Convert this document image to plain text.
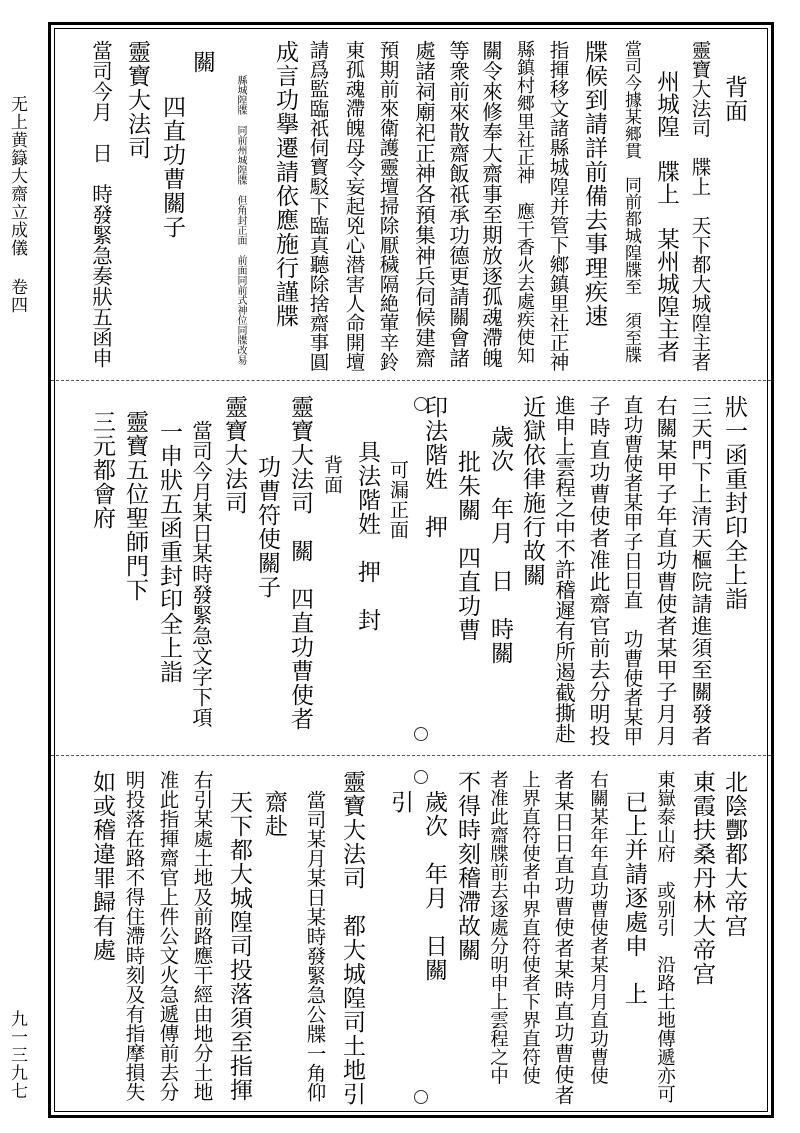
无上黄籙大齋立成儀 卷四
九一三九七
背面
靈寶大法司　牒上　天下都大城隍主者
州城隍　牒上　某州城隍主者
當司今據某郷貫　同前都城隍牒至　須至牒
牒候到請詳前備去事理疾速
指揮移文諸縣城隍并管下鄉鎮里社正神
縣鎮村郷里社正神　應干香火去處疾使知
關令來修奉大齋事至期放逐孤魂滯魄
等衆前來散齋飯祇承功德更請關會諸
處諸祠廟祀正神各預集神兵伺候建齋
預期前來衛護靈壇掃除厭穢隔絶葷辛鈴
東孤魂滯魄母令妄起兇心潜害人命開壇
請爲監臨祇伺寳駁下臨真聽除捨齋事圓
成言功擧遷請依應施行謹牒
縣城隍牒　同前州城隍牒　但角封正面　前面同前式神位同牒改易
關
四直功曹關子
靈寶大法司
當司今月　日　時發緊急奏狀五函申
狀一函重封印全上詣
三天門下上清天樞院請進須至關發者
右關某甲子年直功曹使者某甲子月月
直功曹使者某甲子日日直　功曹使者某甲
子時直功曹使者准此齋官前去分明投
進申上雲程之中不許稽遲有所遏截撕赴
近獄依律施行故關
歲次　年月　日　時關
批朱關　四直功曹
印法階姓　押
可漏正面
具法階姓　押　封
背面
靈寶大法司　關　四直功曹使者
功曹符使關子
靈寶大法司
當司今月某日某時發緊急文字下項
一申狀五函重封印全上詣
靈寶五位聖師門下
三元都會府
北陰酆都大帝宫
東霞扶桑丹林大帝宫
東嶽泰山府　或别引　沿路土地傳遞亦可
已上并請逐處申　上
右關某年年直功曹使者某月月直功曹使
者某日日直功曹使者某時直功曹使者
上界直符使者中界直符使者下界直符使
者准此齋牒前去逐處分明申上雲程之中
不得時刻稽滯故關
歲次　年月　日關
引
靈寶大法司　都大城隍司土地引
當司某月某日某時發緊急公牒一角仰
齋赴
天下都大城隍司投落須至指揮
右引某處土地及前路應干經由地分土地
准此指揮齋官上件公文火急遞傳前去分
明投落在路不得住滯時刻及有指摩損失
如或稽違罪歸有處
